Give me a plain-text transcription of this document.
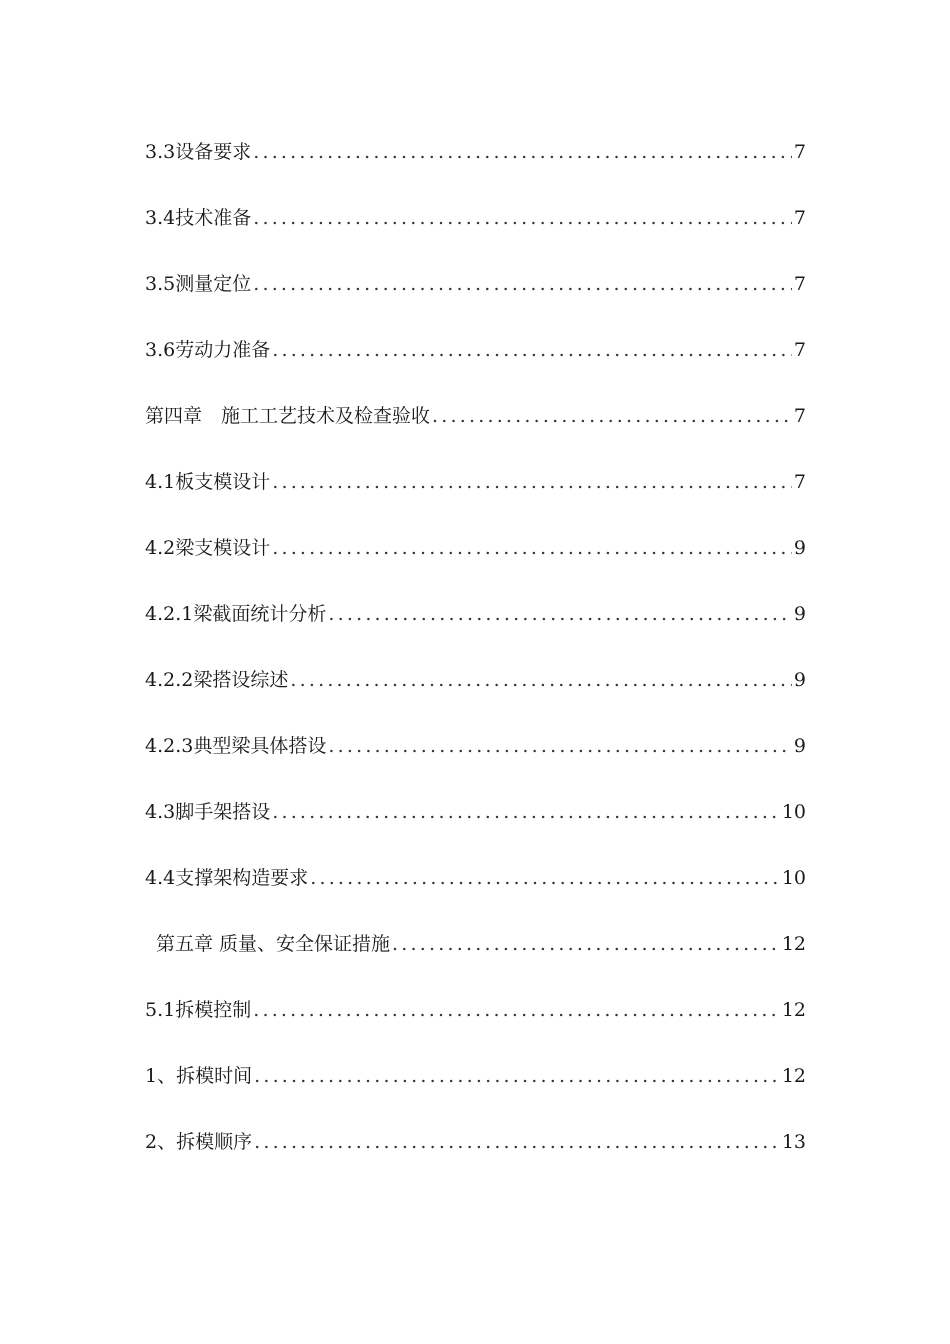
3.3设备要求 .....	7
3.4技术准备 .....	7
3.5测量定位 .....	7
3.6劳动力准备 .....	7
第四章　施工工艺技术及检查验收 .....	7
4.1板支模设计 .....	7
4.2梁支模设计 .....	9
4.2.1梁截面统计分析 .....	9
4.2.2梁搭设综述 .....	9
4.2.3典型梁具体搭设 .....	9
4.3脚手架搭设 .....	10
4.4支撑架构造要求 .....	10
第五章 质量、安全保证措施 .....	12
5.1拆模控制 .....	12
1、拆模时间 .....	12
2、拆模顺序 .....	13
